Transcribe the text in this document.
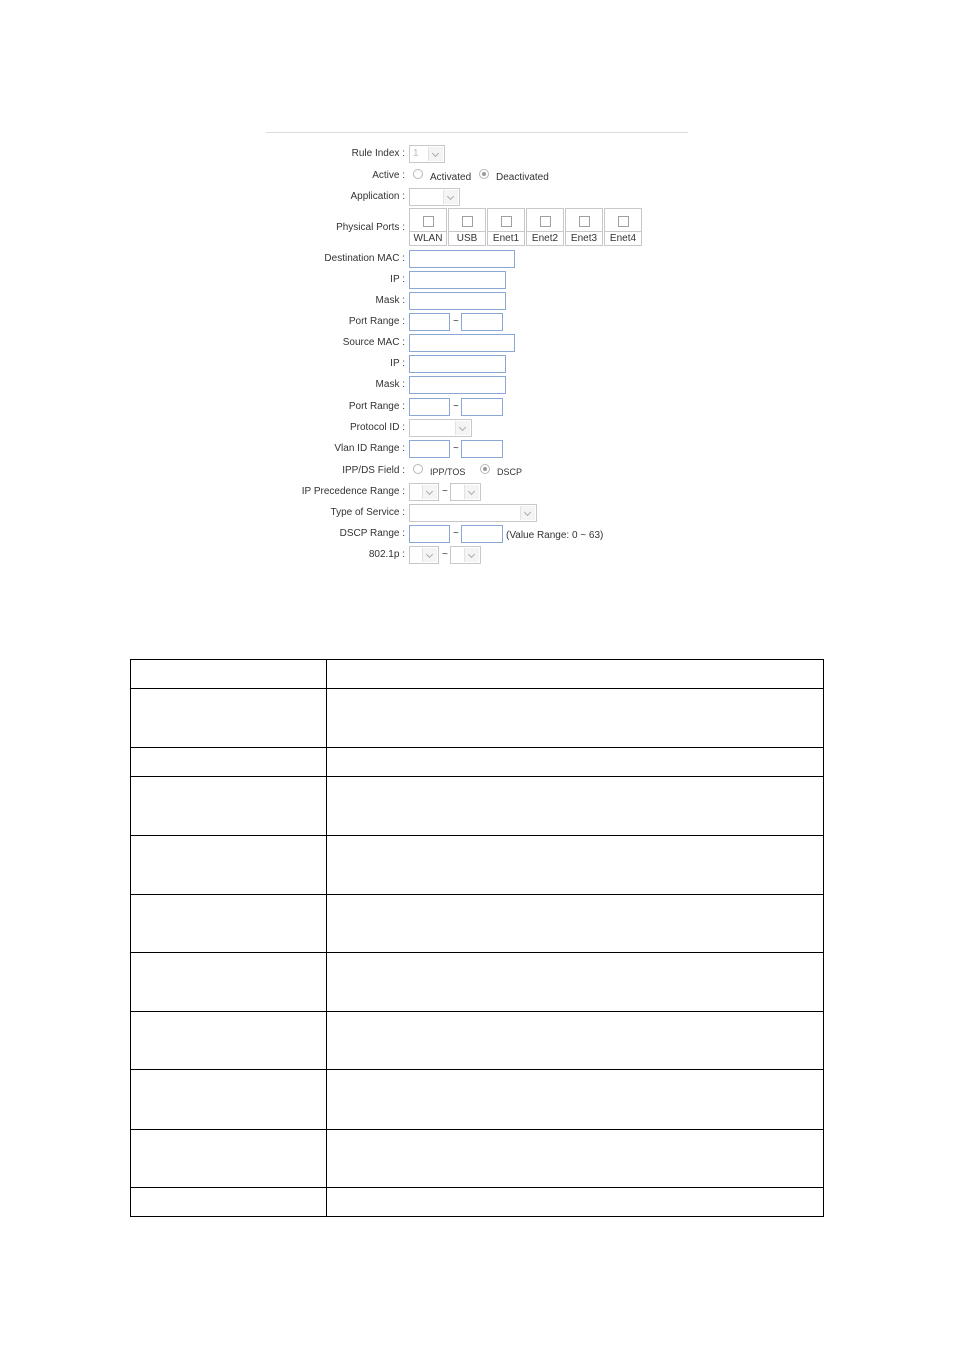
Rule Index : 1
Active :	Activated Deactivated
Application :
Physical Ports :
WLAN	USB	Enet1	Enet2	Enet3	Enet4
Destination MAC :
IP :
Mask :
Port Range :	~
Source MAC :
IP :
Mask :
Port Range :	~
Protocol ID :
Vlan ID Range :	~
IPP/DS Field :	IPP/TOS	DSCP
IP Precedence Range :	~
Type of Service :
DSCP Range :	~	(Value Range: 0 ~ 63)
802.1p :	~
